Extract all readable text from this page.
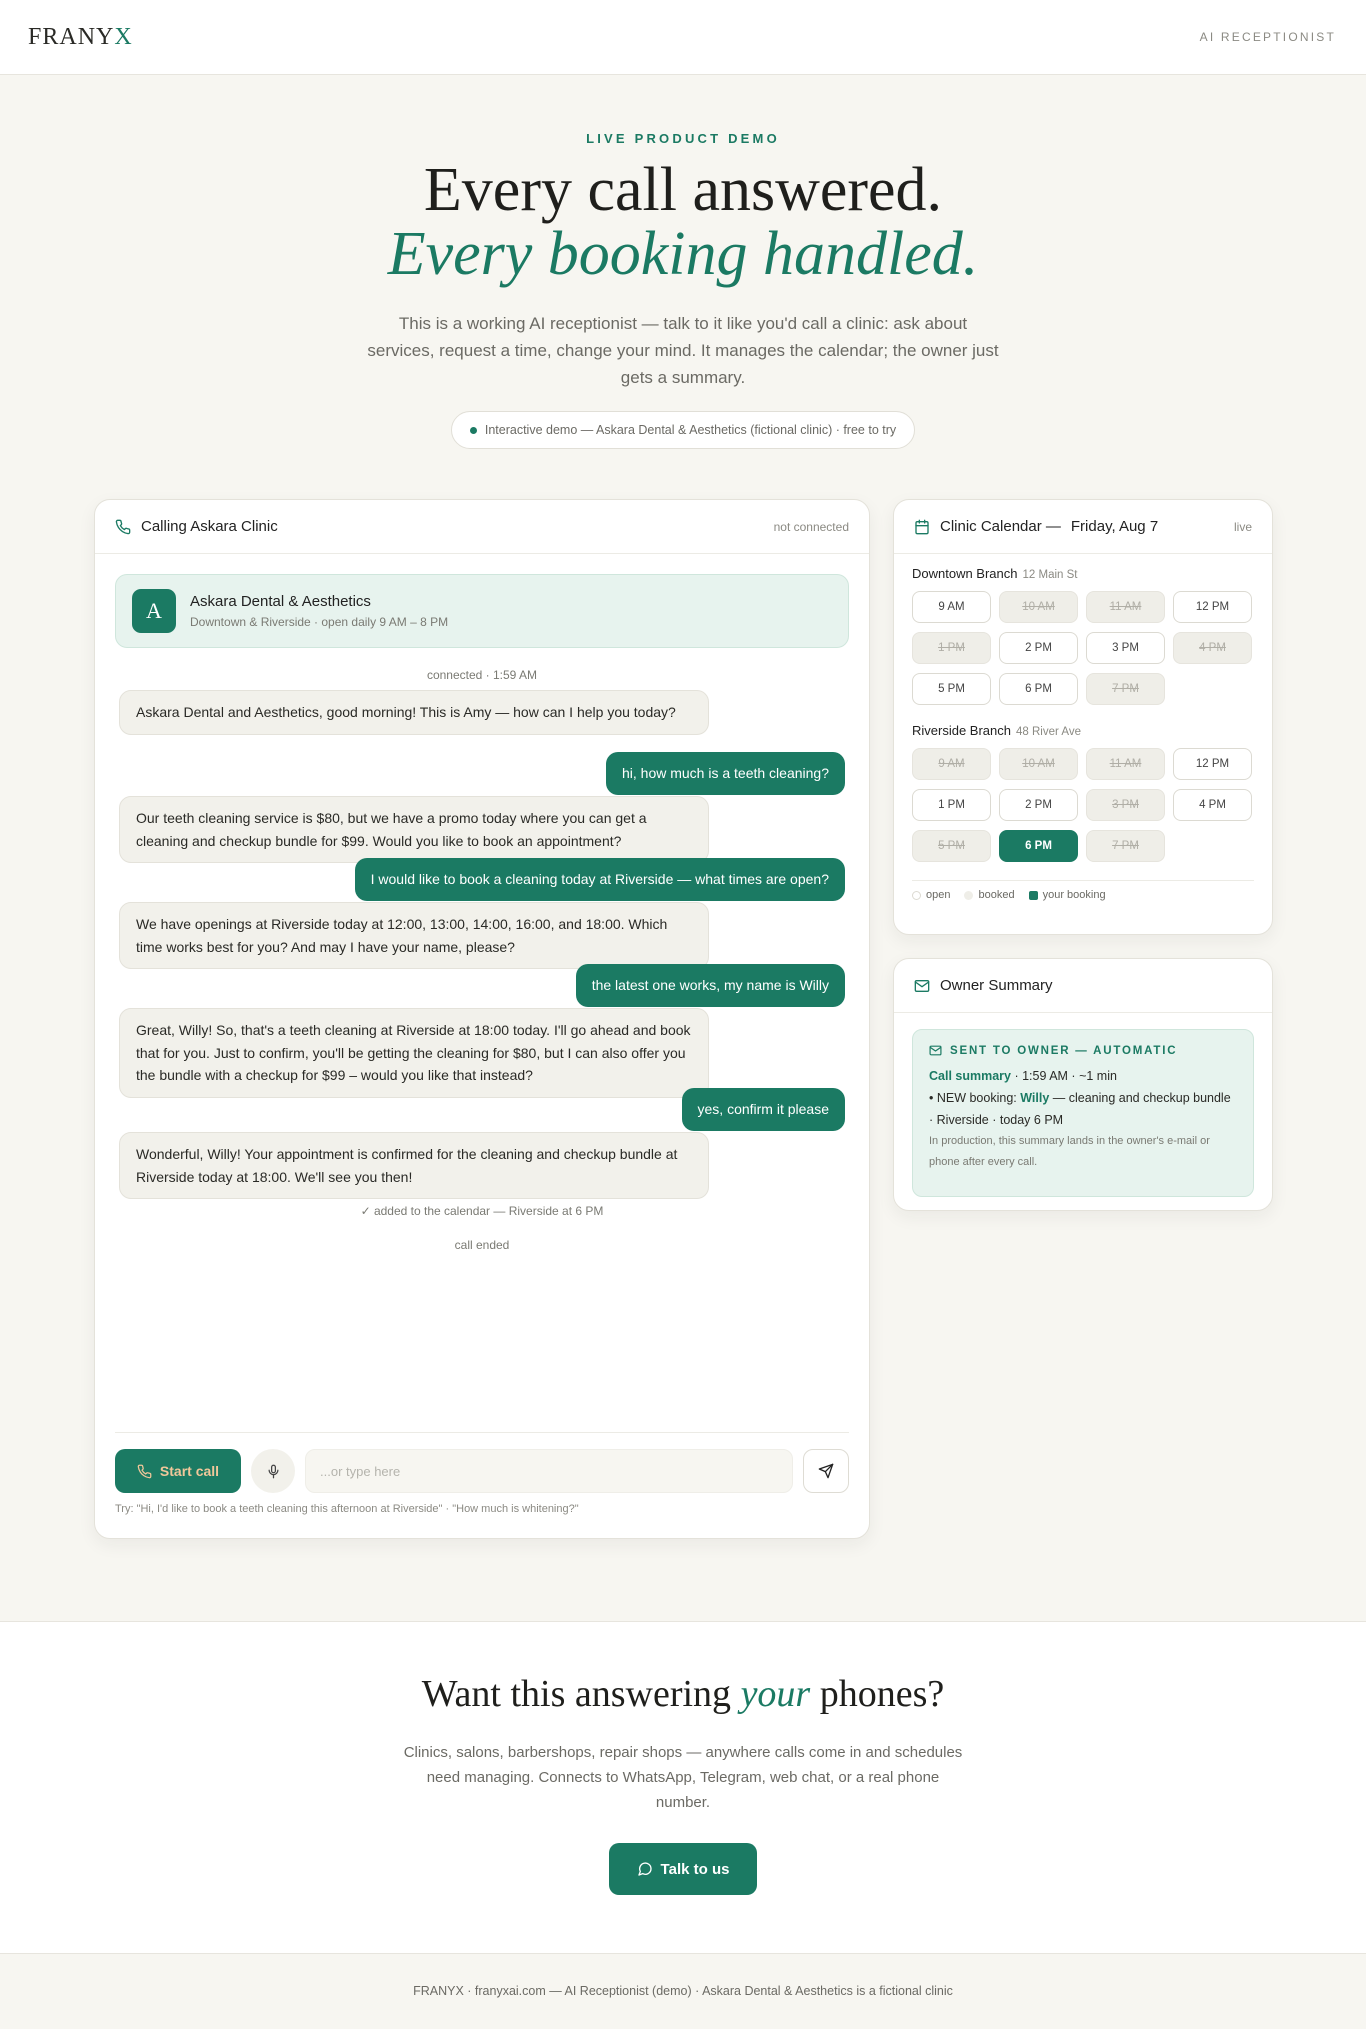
FRANYX	AI RECEPTIONIST
LIVE PRODUCT DEMO
Every call answered.
Every booking handled.

This is a working AI receptionist — talk to it like you'd call a clinic: ask about services, request a time, change your mind. It manages the calendar; the owner just gets a summary.

Interactive demo — Askara Dental & Aesthetics (fictional clinic) · free to try
Calling Askara Clinic	not connected
A	Askara Dental & Aesthetics
Downtown & Riverside · open daily 9 AM – 8 PM
connected · 1:59 AM
Askara Dental and Aesthetics, good morning! This is Amy — how can I help you today?
hi, how much is a teeth cleaning?
Our teeth cleaning service is $80, but we have a promo today where you can get a cleaning and checkup bundle for $99. Would you like to book an appointment?
I would like to book a cleaning today at Riverside — what times are open?
We have openings at Riverside today at 12:00, 13:00, 14:00, 16:00, and 18:00. Which time works best for you? And may I have your name, please?
the latest one works, my name is Willy
Great, Willy! So, that's a teeth cleaning at Riverside at 18:00 today. I'll go ahead and book that for you. Just to confirm, you'll be getting the cleaning for $80, but I can also offer you the bundle with a checkup for $99 – would you like that instead?
yes, confirm it please
Wonderful, Willy! Your appointment is confirmed for the cleaning and checkup bundle at Riverside today at 18:00. We'll see you then!
✓ added to the calendar — Riverside at 6 PM
call ended
Start call
...or type here
Try: "Hi, I'd like to book a teeth cleaning this afternoon at Riverside" · "How much is whitening?"
Clinic Calendar — Friday, Aug 7	live
Downtown Branch 12 Main St
9 AM	10 AM	11 AM	12 PM
1 PM	2 PM	3 PM	4 PM
5 PM	6 PM	7 PM
Riverside Branch 48 River Ave
9 AM	10 AM	11 AM	12 PM
1 PM	2 PM	3 PM	4 PM
5 PM	6 PM	7 PM
open	booked	your booking
Owner Summary
SENT TO OWNER — AUTOMATIC
Call summary · 1:59 AM · ~1 min
• NEW booking: Willy — cleaning and checkup bundle · Riverside · today 6 PM
In production, this summary lands in the owner's e-mail or phone after every call.
Want this answering your phones?

Clinics, salons, barbershops, repair shops — anywhere calls come in and schedules need managing. Connects to WhatsApp, Telegram, web chat, or a real phone number.

Talk to us
FRANYX · franyxai.com — AI Receptionist (demo) · Askara Dental & Aesthetics is a fictional clinic
